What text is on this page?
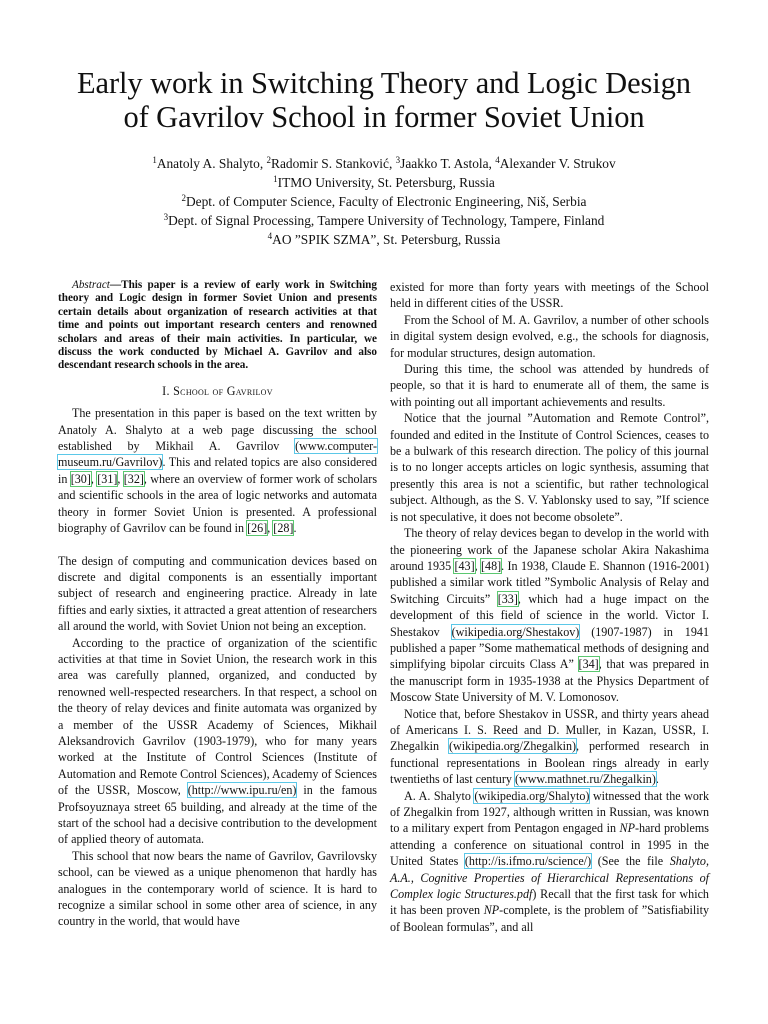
Early work in Switching Theory and Logic Design
of Gavrilov School in former Soviet Union
$^1$Anatoly A. Shalyto, $^2$Radomir S. Stanković, $^3$Jaakko T. Astola, $^4$Alexander V. Strukov
$^1$ITMO University, St. Petersburg, Russia
$^2$Dept. of Computer Science, Faculty of Electronic Engineering, Niš, Serbia
$^3$Dept. of Signal Processing, Tampere University of Technology, Tampere, Finland
$^4$AO ”SPIK SZMA”, St. Petersburg, Russia

Abstract—This paper is a review of early work in Switching theory and Logic design in former Soviet Union and presents certain details about organization of research activities at that time and points out important research centers and renowned scholars and areas of their main activities. In particular, we discuss the work conducted by Michael A. Gavrilov and also descendant research schools in the area.

I. School of Gavrilov

The presentation in this paper is based on the text written by Anatoly A. Shalyto at a web page discussing the school established by Mikhail A. Gavrilov (www.computer-museum.ru/Gavrilov). This and related topics are also considered in [30], [31], [32], where an overview of former work of scholars and scientific schools in the area of logic networks and automata theory in former Soviet Union is presented. A professional biography of Gavrilov can be found in [26], [28].

The design of computing and communication devices based on discrete and digital components is an essentially important subject of research and engineering practice. Already in late fifties and early sixties, it attracted a great attention of researchers all around the world, with Soviet Union not being an exception.

According to the practice of organization of the scientific activities at that time in Soviet Union, the research work in this area was carefully planned, organized, and conducted by renowned well-respected researchers. In that respect, a school on the theory of relay devices and finite automata was organized by a member of the USSR Academy of Sciences, Mikhail Aleksandrovich Gavrilov (1903-1979), who for many years worked at the Institute of Control Sciences (Institute of Automation and Remote Control Sciences), Academy of Sciences of the USSR, Moscow, (http://www.ipu.ru/en) in the famous Profsoyuznaya street 65 building, and already at the time of the start of the school had a decisive contribution to the development of applied theory of automata.

This school that now bears the name of Gavrilov, Gavrilovsky school, can be viewed as a unique phenomenon that hardly has analogues in the contemporary world of science. It is hard to recognize a similar school in some other area of science, in any country in the world, that would have

existed for more than forty years with meetings of the School held in different cities of the USSR.

From the School of M. A. Gavrilov, a number of other schools in digital system design evolved, e.g., the schools for diagnosis, for modular structures, design automation.

During this time, the school was attended by hundreds of people, so that it is hard to enumerate all of them, the same is with pointing out all important achievements and results.

Notice that the journal ”Automation and Remote Control”, founded and edited in the Institute of Control Sciences, ceases to be a bulwark of this research direction. The policy of this journal is to no longer accepts articles on logic synthesis, assuming that presently this area is not a scientific, but rather technological subject. Although, as the S. V. Yablonsky used to say, ”If science is not speculative, it does not become obsolete”.

The theory of relay devices began to develop in the world with the pioneering work of the Japanese scholar Akira Nakashima around 1935 [43], [48]. In 1938, Claude E. Shannon (1916-2001) published a similar work titled ”Symbolic Analysis of Relay and Switching Circuits” [33], which had a huge impact on the development of this field of science in the world. Victor I. Shestakov (wikipedia.org/Shestakov) (1907-1987) in 1941 published a paper ”Some mathematical methods of designing and simplifying bipolar circuits Class A” [34], that was prepared in the manuscript form in 1935-1938 at the Physics Department of Moscow State University of M. V. Lomonosov.

Notice that, before Shestakov in USSR, and thirty years ahead of Americans I. S. Reed and D. Muller, in Kazan, USSR, I. Zhegalkin (wikipedia.org/Zhegalkin), performed research in functional representations in Boolean rings already in early twentieths of last century (www.mathnet.ru/Zhegalkin).

A. A. Shalyto (wikipedia.org/Shalyto) witnessed that the work of Zhegalkin from 1927, although written in Russian, was known to a military expert from Pentagon engaged in NP-hard problems attending a conference on situational control in 1995 in the United States (http://is.ifmo.ru/science/) (See the file Shalyto, A.A., Cognitive Properties of Hierarchical Representations of Complex logic Structures.pdf) Recall that the first task for which it has been proven NP-complete, is the problem of ”Satisfiability of Boolean formulas”, and all
